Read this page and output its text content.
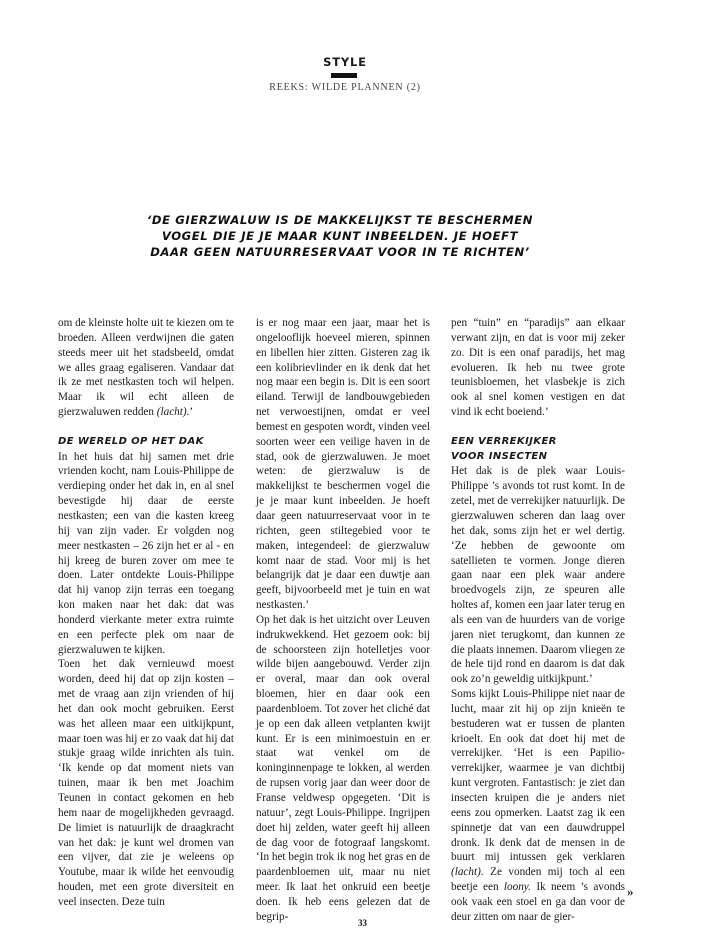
STYLE
REEKS: WILDE PLANNEN (2)
‘DE GIERZWALUW IS DE MAKKELIJKST TE BESCHERMEN
VOGEL DIE JE JE MAAR KUNT INBEELDEN. JE HOEFT
DAAR GEEN NATUURRESERVAAT VOOR IN TE RICHTEN’

om de kleinste holte uit te kiezen om te broeden. Alleen verdwijnen die gaten steeds meer uit het stadsbeeld, omdat we alles graag egaliseren. Vandaar dat ik ze met nestkasten toch wil helpen. Maar ik wil echt alleen de gierzwaluwen redden (lacht).’

DE WERELD OP HET DAK

In het huis dat hij samen met drie vrienden kocht, nam Louis-Philippe de verdieping onder het dak in, en al snel bevestigde hij daar de eerste nestkasten; een van die kasten kreeg hij van zijn vader. Er volgden nog meer nestkasten – 26 zijn het er al - en hij kreeg de buren zover om mee te doen. Later ontdekte Louis-Philippe dat hij vanop zijn terras een toegang kon maken naar het dak: dat was honderd vierkante meter extra ruimte en een perfecte plek om naar de gierzwaluwen te kijken.

Toen het dak vernieuwd moest worden, deed hij dat op zijn kosten – met de vraag aan zijn vrienden of hij het dan ook mocht gebruiken. Eerst was het alleen maar een uitkijkpunt, maar toen was hij er zo vaak dat hij dat stukje graag wilde inrichten als tuin. ‘Ik kende op dat moment niets van tuinen, maar ik ben met Joachim Teunen in contact gekomen en heb hem naar de mogelijkheden gevraagd. De limiet is natuurlijk de draagkracht van het dak: je kunt wel dromen van een vijver, dat zie je weleens op Youtube, maar ik wilde het eenvoudig houden, met een grote diversiteit en veel insecten. Deze tuin

is er nog maar een jaar, maar het is ongelooflijk hoeveel mieren, spinnen en libellen hier zitten. Gisteren zag ik een kolibrievlinder en ik denk dat het nog maar een begin is. Dit is een soort eiland. Terwijl de landbouwgebieden net verwoestijnen, omdat er veel bemest en gespoten wordt, vinden veel soorten weer een veilige haven in de stad, ook de gierzwaluwen. Je moet weten: de gierzwaluw is de makkelijkst te beschermen vogel die je je maar kunt inbeelden. Je hoeft daar geen natuurreservaat voor in te richten, geen stiltegebied voor te maken, integendeel: de gierzwaluw komt naar de stad. Voor mij is het belangrijk dat je daar een duwtje aan geeft, bijvoorbeeld met je tuin en wat nestkasten.’

Op het dak is het uitzicht over Leuven indrukwekkend. Het gezoem ook: bij de schoorsteen zijn hotelletjes voor wilde bijen aangebouwd. Verder zijn er overal, maar dan ook overal bloemen, hier en daar ook een paardenbloem. Tot zover het cliché dat je op een dak alleen vetplanten kwijt kunt. Er is een minimoestuin en er staat wat venkel om de koninginnenpage te lokken, al werden de rupsen vorig jaar dan weer door de Franse veldwesp opgegeten. ‘Dit is natuur’, zegt Louis-Philippe. Ingrijpen doet hij zelden, water geeft hij alleen de dag voor de fotograaf langskomt. ‘In het begin trok ik nog het gras en de paardenbloemen uit, maar nu niet meer. Ik laat het onkruid een beetje doen. Ik heb eens gelezen dat de begrip-

pen “tuin” en “paradijs” aan elkaar verwant zijn, en dat is voor mij zeker zo. Dit is een onaf paradijs, het mag evolueren. Ik heb nu twee grote teunisbloemen, het vlasbekje is zich ook al snel komen vestigen en dat vind ik echt boeiend.’

EEN VERREKIJKER
VOOR INSECTEN

Het dak is de plek waar Louis-Philippe ’s avonds tot rust komt. In de zetel, met de verrekijker natuurlijk. De gierzwaluwen scheren dan laag over het dak, soms zijn het er wel dertig. ‘Ze hebben de gewoonte om satellieten te vormen. Jonge dieren gaan naar een plek waar andere broedvogels zijn, ze speuren alle holtes af, komen een jaar later terug en als een van de huurders van de vorige jaren niet terugkomt, dan kunnen ze die plaats innemen. Daarom vliegen ze de hele tijd rond en daarom is dat dak ook zo’n geweldig uitkijkpunt.’

Soms kijkt Louis-Philippe niet naar de lucht, maar zit hij op zijn knieën te bestuderen wat er tussen de planten krioelt. En ook dat doet hij met de verrekijker. ‘Het is een Papilio-verrekijker, waarmee je van dichtbij kunt vergroten. Fantastisch: je ziet dan insecten kruipen die je anders niet eens zou opmerken. Laatst zag ik een spinnetje dat van een dauwdruppel dronk. Ik denk dat de mensen in de buurt mij intussen gek verklaren (lacht). Ze vonden mij toch al een beetje een loony. Ik neem ’s avonds ook vaak een stoel en ga dan voor de deur zitten om naar de gier-

»
33
